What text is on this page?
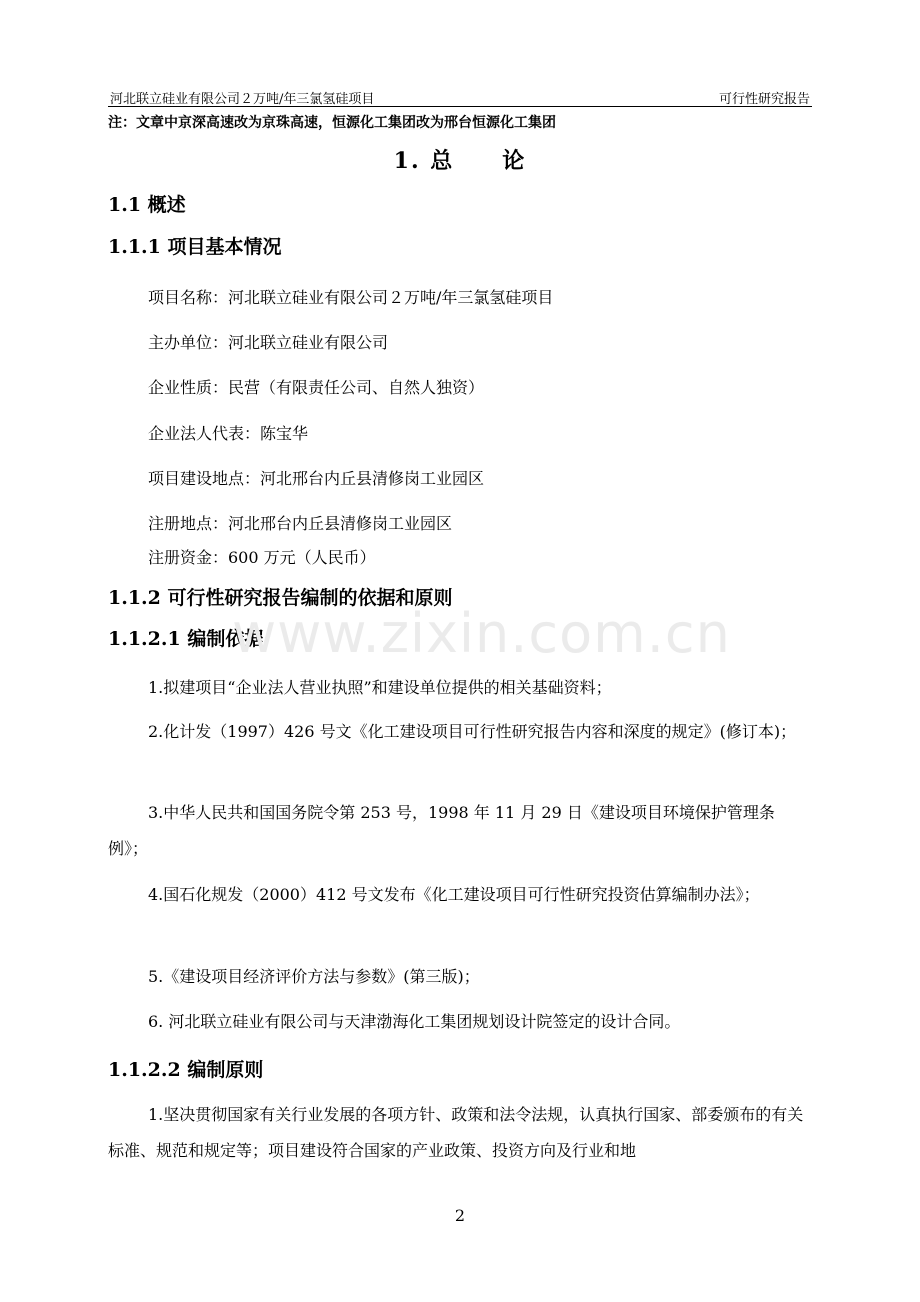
河北联立硅业有限公司２万吨/年三氯氢硅项目	可行性研究报告
注：文章中京深高速改为京珠高速，恒源化工集团改为邢台恒源化工集团
1. 总　　论
1.1 概述
1.1.1 项目基本情况
项目名称：河北联立硅业有限公司２万吨/年三氯氢硅项目
主办单位：河北联立硅业有限公司
企业性质：民营（有限责任公司、自然人独资）
企业法人代表：陈宝华
项目建设地点：河北邢台内丘县清修岗工业园区
注册地点：河北邢台内丘县清修岗工业园区
注册资金：600 万元（人民币）
1.1.2 可行性研究报告编制的依据和原则
1.1.2.1 编制依据
www.zixin.com.cn
1.拟建项目“企业法人营业执照”和建设单位提供的相关基础资料；
2.化计发（1997）426 号文《化工建设项目可行性研究报告内容和深度的规定》(修订本)；
3.中华人民共和国国务院令第 253 号，1998 年 11 月 29 日《建设项目环境保护管理条例》；
4.国石化规发（2000）412 号文发布《化工建设项目可行性研究投资估算编制办法》；
5.《建设项目经济评价方法与参数》(第三版)；
6. 河北联立硅业有限公司与天津渤海化工集团规划设计院签定的设计合同。
1.1.2.2 编制原则
1.坚决贯彻国家有关行业发展的各项方针、政策和法令法规，认真执行国家、部委颁布的有关标准、规范和规定等；项目建设符合国家的产业政策、投资方向及行业和地
2
